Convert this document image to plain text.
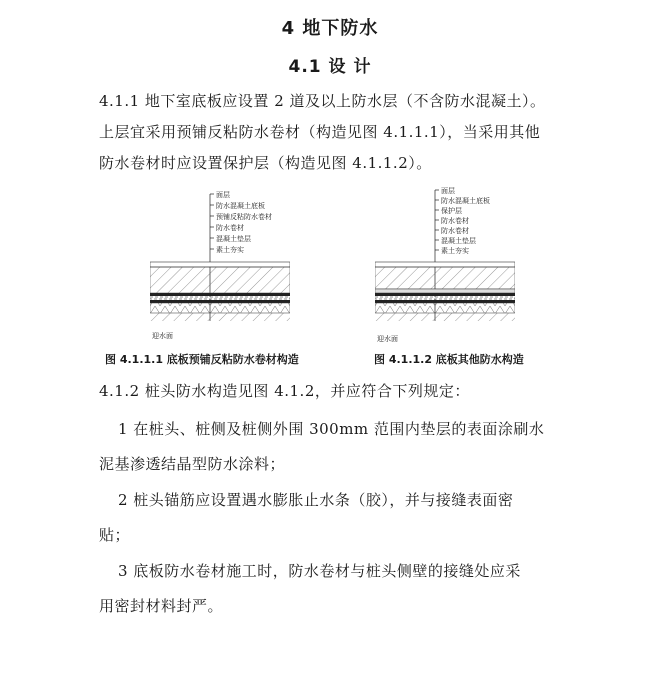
4 地下防水
4.1 设 计
4.1.1 地下室底板应设置 2 道及以上防水层（不含防水混凝土）。
上层宜采用预铺反粘防水卷材（构造见图 4.1.1.1），当采用其他
防水卷材时应设置保护层（构造见图 4.1.1.2）。
面层
防水混凝土底板
预铺反粘防水卷材
防水卷材
混凝土垫层
素土夯实
迎水面
图 4.1.1.1 底板预铺反粘防水卷材构造
面层
防水混凝土底板
保护层
防水卷材
防水卷材
混凝土垫层
素土夯实
迎水面
图 4.1.1.2 底板其他防水构造
4.1.2 桩头防水构造见图 4.1.2，并应符合下列规定：
1 在桩头、桩侧及桩侧外围 300mm 范围内垫层的表面涂刷水
泥基渗透结晶型防水涂料；
2 桩头锚筋应设置遇水膨胀止水条（胶），并与接缝表面密
贴；
3 底板防水卷材施工时，防水卷材与桩头侧壁的接缝处应采
用密封材料封严。
